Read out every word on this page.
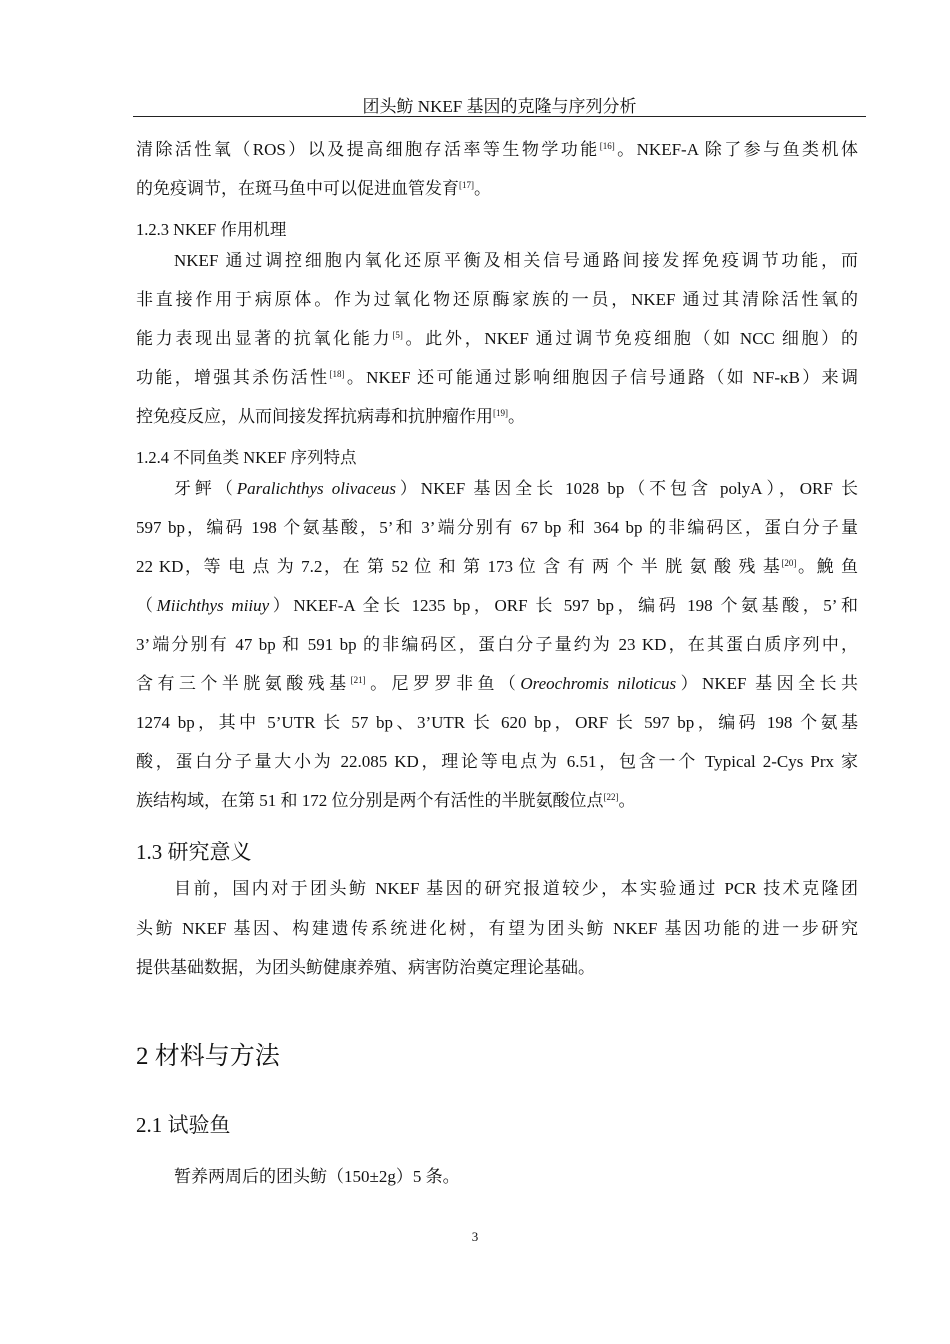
团头鲂 NKEF 基因的克隆与序列分析
清除活性氧（ROS）以及提高细胞存活率等生物学功能[16]。NKEF-A 除了参与鱼类机体
的免疫调节，在斑马鱼中可以促进血管发育[17]。
1.2.3 NKEF 作用机理
NKEF 通过调控细胞内氧化还原平衡及相关信号通路间接发挥免疫调节功能，而
非直接作用于病原体。作为过氧化物还原酶家族的一员，NKEF 通过其清除活性氧的
能力表现出显著的抗氧化能力[5]。此外，NKEF 通过调节免疫细胞（如 NCC 细胞）的
功能，增强其杀伤活性[18]。NKEF 还可能通过影响细胞因子信号通路（如 NF-κB）来调
控免疫反应，从而间接发挥抗病毒和抗肿瘤作用[19]。
1.2.4 不同鱼类 NKEF 序列特点
牙鲆（Paralichthys olivaceus）NKEF 基因全长 1028 bp（不包含 polyA），ORF 长
597 bp，编码 198 个氨基酸，5’和 3’端分别有 67 bp 和 364 bp 的非编码区，蛋白分子量
22 KD，等 电 点 为 7.2，在 第 52 位 和 第 173 位 含 有 两 个 半 胱 氨 酸 残 基[20]。鮸 鱼
（Miichthys miiuy）NKEF-A 全长 1235 bp，ORF 长 597 bp，编码 198 个氨基酸，5’和
3’端分别有 47 bp 和 591 bp 的非编码区，蛋白分子量约为 23 KD，在其蛋白质序列中，
含有三个半胱氨酸残基[21]。尼罗罗非鱼（Oreochromis niloticus）NKEF 基因全长共
1274 bp，其中 5’UTR 长 57 bp、3’UTR 长 620 bp，ORF 长 597 bp，编码 198 个氨基
酸，蛋白分子量大小为 22.085 KD，理论等电点为 6.51，包含一个 Typical 2-Cys Prx 家
族结构域，在第 51 和 172 位分别是两个有活性的半胱氨酸位点[22]。
1.3 研究意义
目前，国内对于团头鲂 NKEF 基因的研究报道较少，本实验通过 PCR 技术克隆团
头鲂 NKEF 基因、构建遗传系统进化树，有望为团头鲂 NKEF 基因功能的进一步研究
提供基础数据，为团头鲂健康养殖、病害防治奠定理论基础。
2 材料与方法
2.1 试验鱼
暂养两周后的团头鲂（150±2g）5 条。
3
